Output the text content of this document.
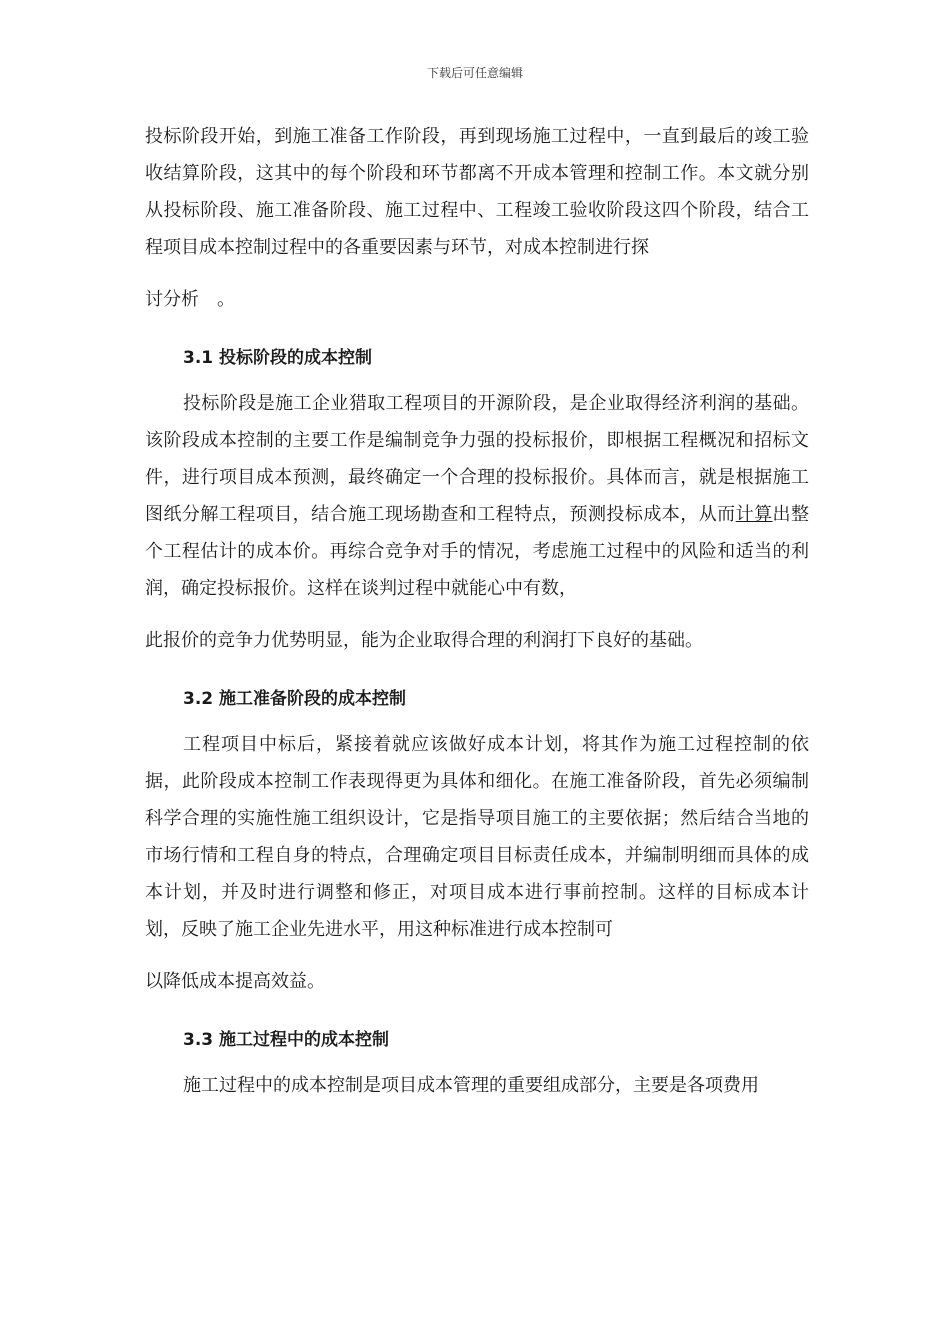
下载后可任意编辑

投标阶段开始，到施工准备工作阶段，再到现场施工过程中，一直到最后的竣工验收结算阶段，这其中的每个阶段和环节都离不开成本管理和控制工作。本文就分别从投标阶段、施工准备阶段、施工过程中、工程竣工验收阶段这四个阶段，结合工程项目成本控制过程中的各重要因素与环节，对成本控制进行探

讨分析　。

3.1 投标阶段的成本控制

投标阶段是施工企业猎取工程项目的开源阶段，是企业取得经济利润的基础。该阶段成本控制的主要工作是编制竞争力强的投标报价，即根据工程概况和招标文件，进行项目成本预测，最终确定一个合理的投标报价。具体而言，就是根据施工图纸分解工程项目，结合施工现场勘查和工程特点，预测投标成本，从而计算出整个工程估计的成本价。再综合竞争对手的情况，考虑施工过程中的风险和适当的利润，确定投标报价。这样在谈判过程中就能心中有数，

此报价的竞争力优势明显，能为企业取得合理的利润打下良好的基础。

3.2 施工准备阶段的成本控制

工程项目中标后，紧接着就应该做好成本计划，将其作为施工过程控制的依据，此阶段成本控制工作表现得更为具体和细化。在施工准备阶段，首先必须编制科学合理的实施性施工组织设计，它是指导项目施工的主要依据；然后结合当地的市场行情和工程自身的特点，合理确定项目目标责任成本，并编制明细而具体的成本计划，并及时进行调整和修正，对项目成本进行事前控制。这样的目标成本计划，反映了施工企业先进水平，用这种标准进行成本控制可

以降低成本提高效益。

3.3 施工过程中的成本控制

施工过程中的成本控制是项目成本管理的重要组成部分，主要是各项费用
